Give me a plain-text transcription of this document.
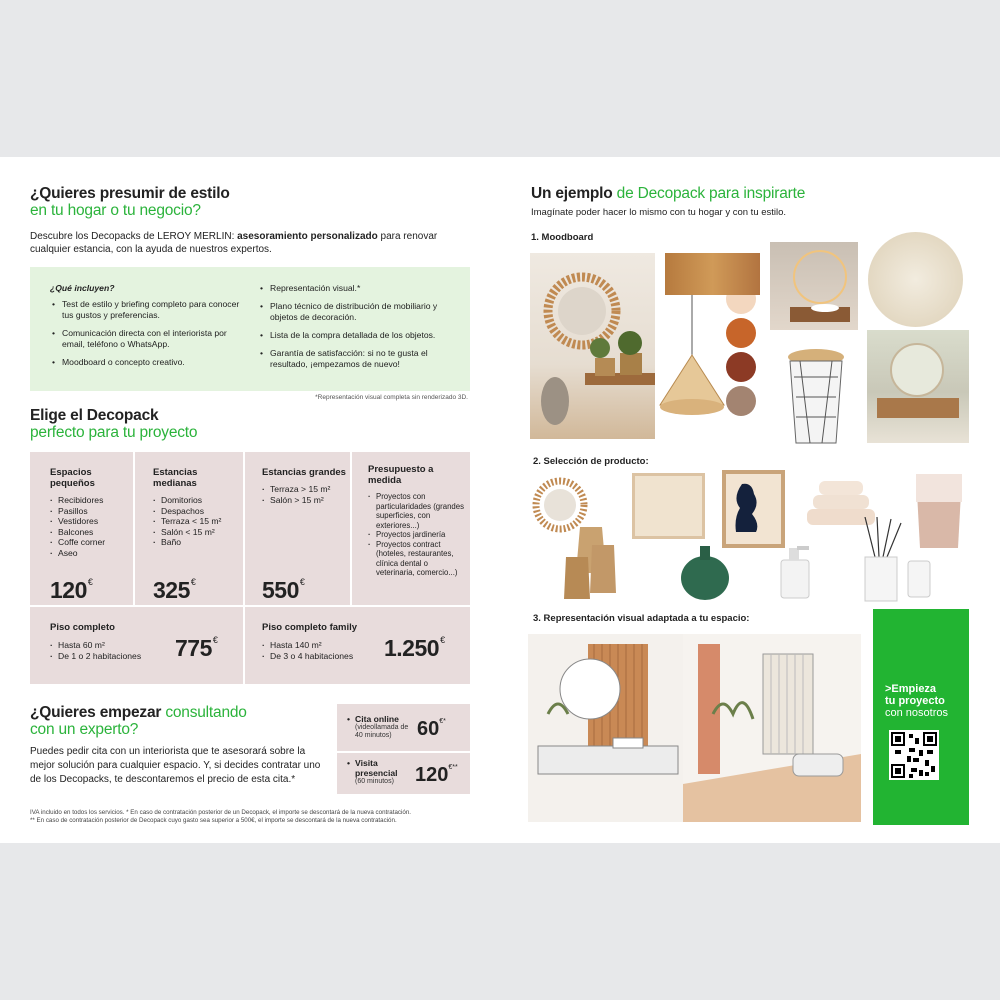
¿Quieres presumir de estilo
en tu hogar o tu negocio?

Descubre los Decopacks de LEROY MERLIN: asesoramiento personalizado para renovar cualquier estancia, con la ayuda de nuestros expertos.

¿Qué incluyen?
• Test de estilo y briefing completo para conocer tus gustos y preferencias.
• Comunicación directa con el interiorista por email, teléfono o WhatsApp.
• Moodboard o concepto creativo.
• Representación visual.*
• Plano técnico de distribución de mobiliario y objetos de decoración.
• Lista de la compra detallada de los objetos.
• Garantía de satisfacción: si no te gusta el resultado, ¡empezamos de nuevo!
*Representación visual completa sin renderizado 3D.
Elige el Decopack
perfecto para tu proyecto
Espacios pequeños
· Recibidores
· Pasillos
· Vestidores
· Balcones
· Coffe corner
· Aseo
120€
Estancias medianas
· Domitorios
· Despachos
· Terraza < 15 m²
· Salón < 15 m²
· Baño
325€
Estancias grandes
· Terraza > 15 m²
· Salón > 15 m²
550€
Presupuesto a medida
· Proyectos con particularidades (grandes superficies, con exteriores...)
· Proyectos jardinería
· Proyectos contract (hoteles, restaurantes, clínica dental o veterinaria, comercio...)
Piso completo
· Hasta 60 m²
· De 1 o 2 habitaciones	775€
Piso completo family
· Hasta 140 m²
· De 3 o 4 habitaciones	1.250€
¿Quieres empezar consultando
con un experto?

Puedes pedir cita con un interiorista que te asesorará sobre la mejor solución para cualquier espacio. Y, si decides contratar uno de los Decopacks, te descontaremos el precio de esta cita.*

• Cita online
(videollamada de 40 minutos)	60€*
• Visita presencial
(60 minutos)	120€**
IVA incluido en todos los servicios. * En caso de contratación posterior de un Decopack, el importe se descontará de la nueva contratación.
** En caso de contratación posterior de Decopack cuyo gasto sea superior a 500€, el importe se descontará de la nueva contratación.
Un ejemplo de Decopack para inspirarte
Imagínate poder hacer lo mismo con tu hogar y con tu estilo.
1. Moodboard
2. Selección de producto:
3. Representación visual adaptada a tu espacio:
>Empieza
tu proyecto
con nosotros
